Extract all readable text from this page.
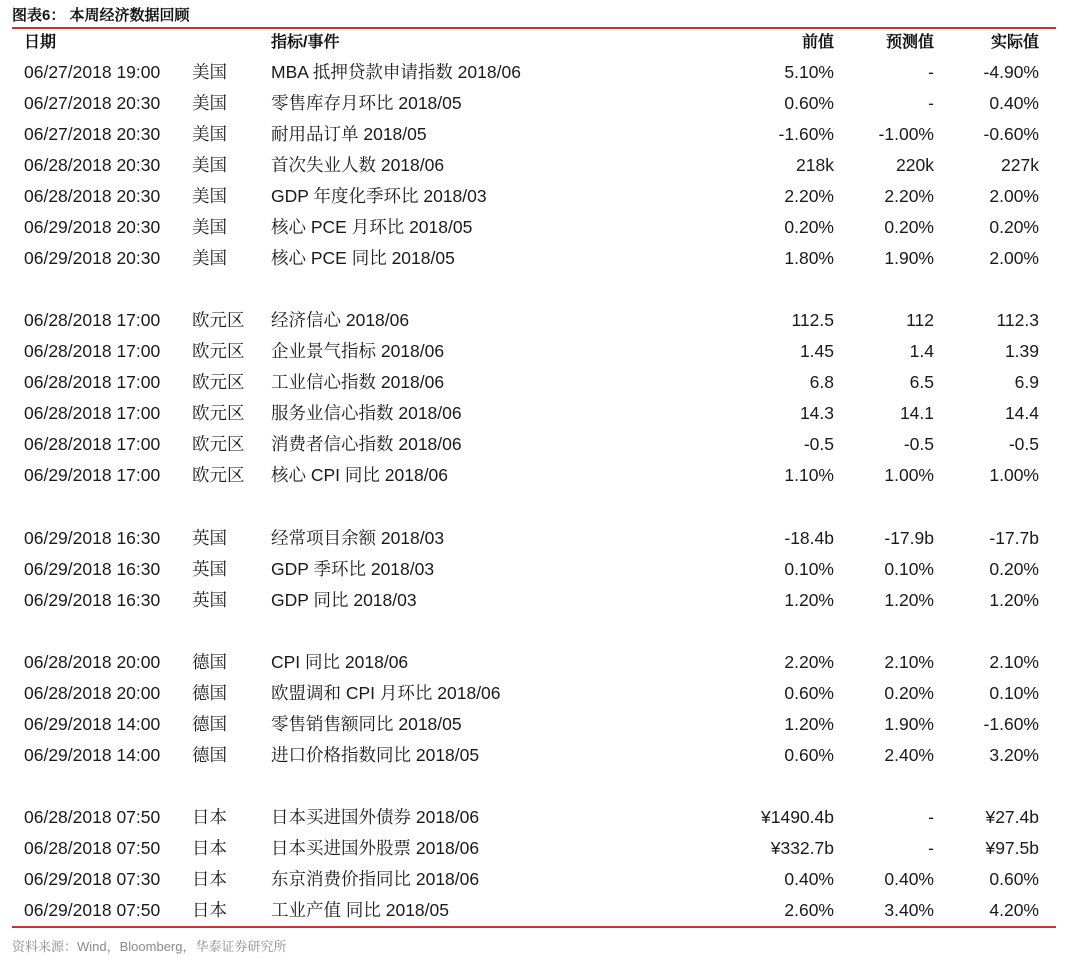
图表6： 本周经济数据回顾
日期	指标/事件	前值	预测值	实际值
06/27/2018 19:00 美国	MBA 抵押贷款申请指数 2018/06	5.10%	-	-4.90%
06/27/2018 20:30 美国	零售库存月环比 2018/05	0.60%	-	0.40%
06/27/2018 20:30 美国	耐用品订单 2018/05	-1.60%	-1.00%	-0.60%
06/28/2018 20:30 美国	首次失业人数 2018/06	218k	220k	227k
06/28/2018 20:30 美国	GDP 年度化季环比 2018/03	2.20%	2.20%	2.00%
06/29/2018 20:30 美国	核心 PCE 月环比 2018/05	0.20%	0.20%	0.20%
06/29/2018 20:30 美国	核心 PCE 同比 2018/05	1.80%	1.90%	2.00%
06/28/2018 17:00 欧元区 经济信心 2018/06	112.5	112	112.3
06/28/2018 17:00 欧元区 企业景气指标 2018/06	1.45	1.4	1.39
06/28/2018 17:00 欧元区 工业信心指数 2018/06	6.8	6.5	6.9
06/28/2018 17:00 欧元区 服务业信心指数 2018/06	14.3	14.1	14.4
06/28/2018 17:00 欧元区 消费者信心指数 2018/06	-0.5	-0.5	-0.5
06/29/2018 17:00 欧元区 核心 CPI 同比 2018/06	1.10%	1.00%	1.00%
06/29/2018 16:30 英国	经常项目余额 2018/03	-18.4b	-17.9b	-17.7b
06/29/2018 16:30 英国	GDP 季环比 2018/03	0.10%	0.10%	0.20%
06/29/2018 16:30 英国	GDP 同比 2018/03	1.20%	1.20%	1.20%
06/28/2018 20:00 德国	CPI 同比 2018/06	2.20%	2.10%	2.10%
06/28/2018 20:00 德国	欧盟调和 CPI 月环比 2018/06	0.60%	0.20%	0.10%
06/29/2018 14:00 德国	零售销售额同比 2018/05	1.20%	1.90%	-1.60%
06/29/2018 14:00 德国	进口价格指数同比 2018/05	0.60%	2.40%	3.20%
06/28/2018 07:50 日本	日本买进国外债券 2018/06	¥1490.4b	-	¥27.4b
06/28/2018 07:50 日本	日本买进国外股票 2018/06	¥332.7b	-	¥97.5b
06/29/2018 07:30 日本	东京消费价指同比 2018/06	0.40%	0.40%	0.60%
06/29/2018 07:50 日本	工业产值 同比 2018/05	2.60%	3.40%	4.20%
资料来源：Wind，Bloomberg，华泰证券研究所
